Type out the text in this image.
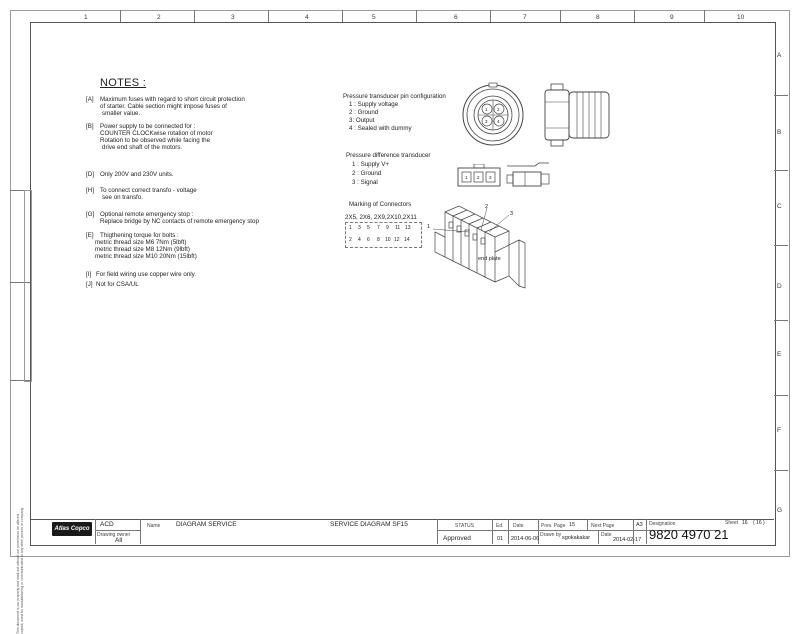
1	2	3	4	5	6	7	8	9	10
A
B
C
D
E
F
G
This document is our property and shall not without our permission be altered, copied, used for manufacturing or communicated to any other person or company.
NOTES :
[A] Maximum fuses with regard to short circuit protection
of starter. Cable section might impose fuses of
smaller value.
[B] Power supply to be connected for :
COUNTER CLOCKwise rotation of motor
Rotation to be observed while facing the
drive end shaft of the motors.
[D] Only 200V and 230V units.
[H] To connect correct transfo - voltage
see on transfo.
[G] Optional remote emergency stop :
Replace bridge by NC contacts of remote emergency stop
[E] Thigthening torque for bolts :
metric thread size M6 7Nm (5lbft)
metric thread size M8 12Nm (9lbft)
metric thread size M10 20Nm (15lbft)
[I] For field wiring use copper wire only.
[J] Not for CSA/UL
Pressure transducer pin configuration
1 : Supply voltage
2 : Ground
3: Output
4 : Sealed with dummy
1 2
3 4
Pressure difference transducer
1 : Supply V+
2 : Ground
3 : Signal
1 2 3
Marking of Connectors
2X5, 2X6, 2X9,2X10,2X11
1 3 5 7 9 11 13
2 4 6 8 10 12 14
1
2
3
end plate
Atlas Copco
ACD
Drawing owner
All
Name DIAGRAM SERVICE	SERVICE DIAGRAM SF15	STATUS
Approved
Ed.
01
Date
2014-06-06
Prev. Page 15	Next Page
Drawn by sgokakakar Date
2014-02-17
A3 Designation
9820 4970 21
Sheet 16 ( 16 )
